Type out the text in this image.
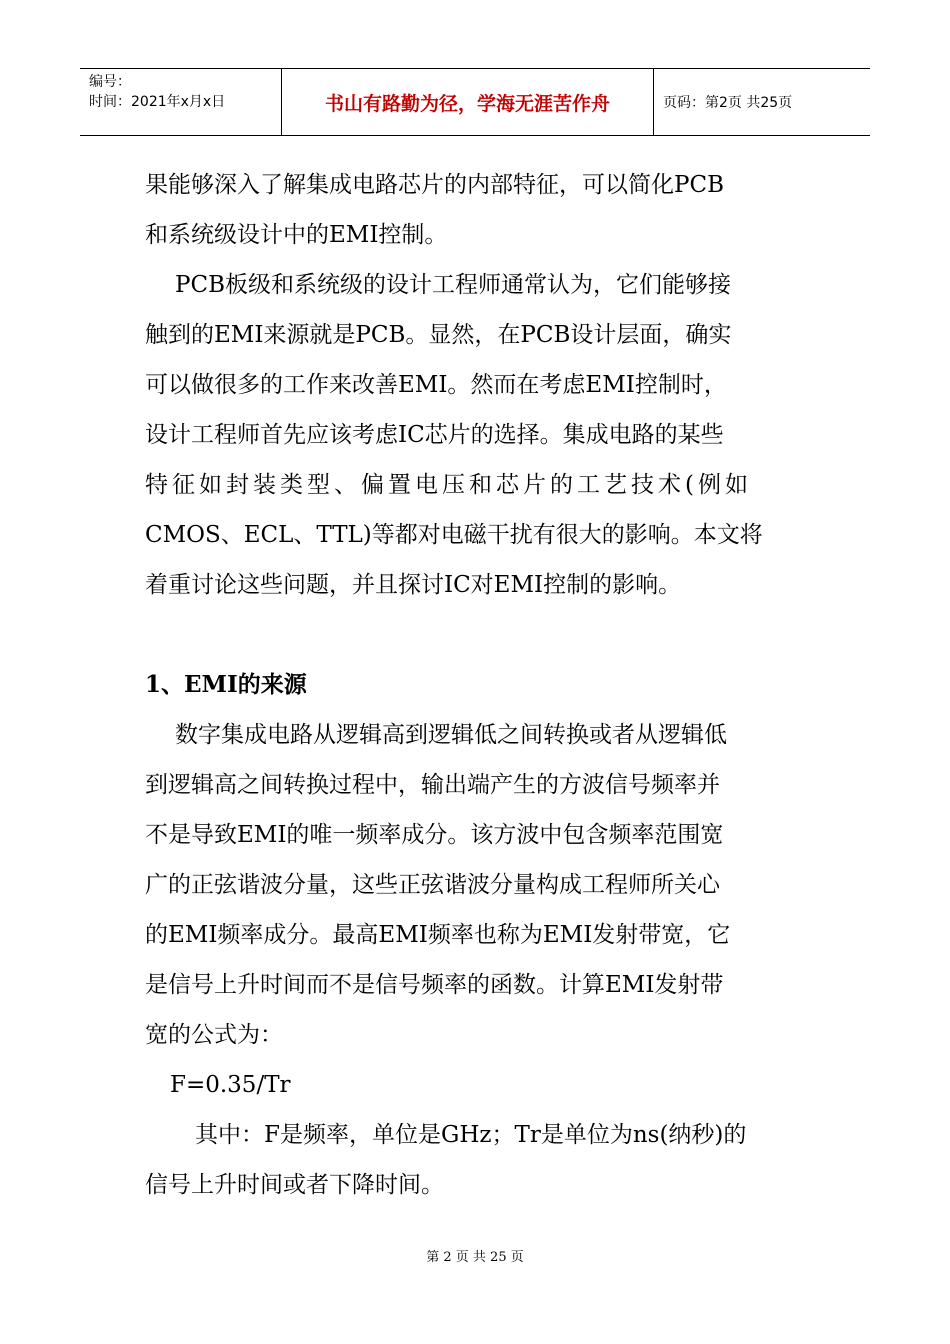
编号：
时间：2021年x月x日	书山有路勤为径，学海无涯苦作舟	页码：第2页 共25页

果能够深入了解集成电路芯片的内部特征，可以简化PCB

和系统级设计中的EMI控制。

PCB板级和系统级的设计工程师通常认为，它们能够接

触到的EMI来源就是PCB。显然，在PCB设计层面，确实

可以做很多的工作来改善EMI。然而在考虑EMI控制时，

设计工程师首先应该考虑IC芯片的选择。集成电路的某些

特征如封装类型、偏置电压和芯片的工艺技术(例如

CMOS、ECL、TTL)等都对电磁干扰有很大的影响。本文将

着重讨论这些问题，并且探讨IC对EMI控制的影响。

1、EMI的来源

数字集成电路从逻辑高到逻辑低之间转换或者从逻辑低

到逻辑高之间转换过程中，输出端产生的方波信号频率并

不是导致EMI的唯一频率成分。该方波中包含频率范围宽

广的正弦谐波分量，这些正弦谐波分量构成工程师所关心

的EMI频率成分。最高EMI频率也称为EMI发射带宽，它

是信号上升时间而不是信号频率的函数。计算EMI发射带

宽的公式为：

F=0.35/Tr

其中：F是频率，单位是GHz；Tr是单位为ns(纳秒)的

信号上升时间或者下降时间。

第 2 页 共 25 页
